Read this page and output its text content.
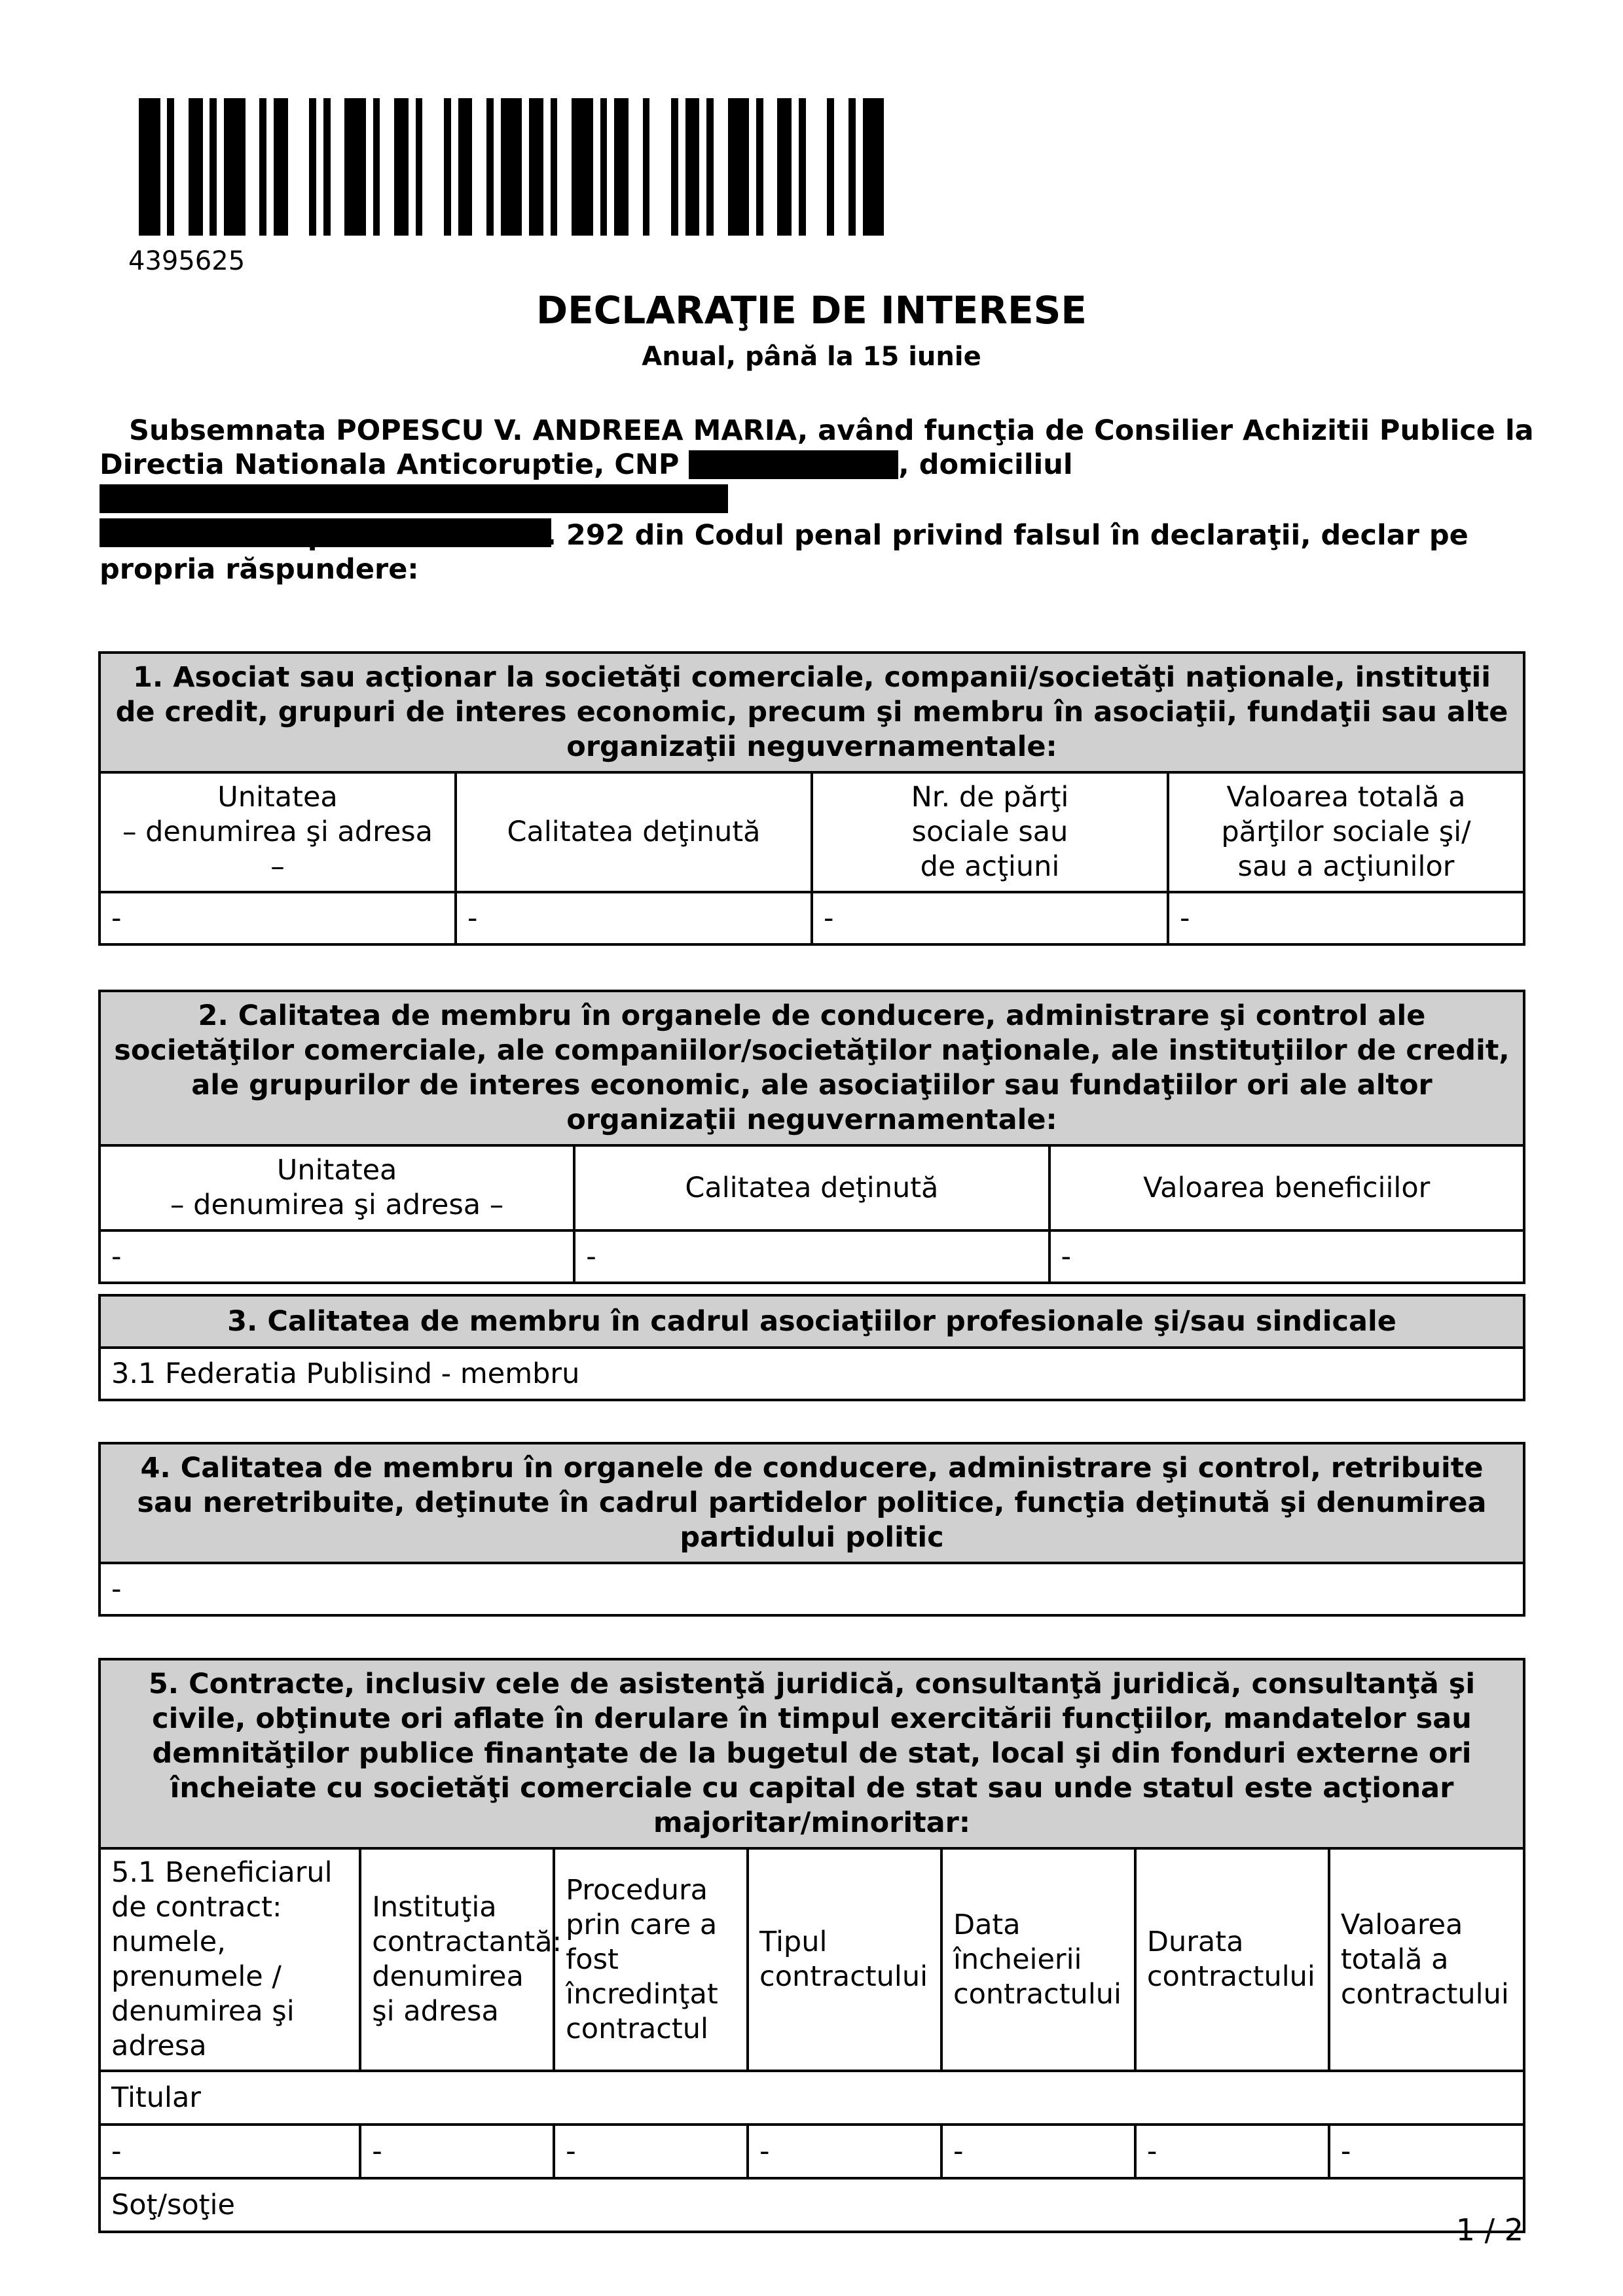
4395625
DECLARAŢIE DE INTERESE
Anual, până la 15 iunie
Subsemnata POPESCU V. ANDREEA MARIA, având funcţia de Consilier Achizitii Publice la Directia Nationala Anticoruptie, CNP	, domiciliul

cunoscând prevederile art. 292 din Codul penal privind falsul în declaraţii, declar pe propria răspundere:
1. Asociat sau acţionar la societăţi comerciale, companii/societăţi naţionale, instituţii de credit, grupuri de interes economic, precum şi membru în asociaţii, fundaţii sau alte organizaţii neguvernamentale:			
Unitatea
– denumirea şi adresa –	Calitatea deţinută	Nr. de părţi
sociale sau
de acţiuni	Valoarea totală a
părţilor sociale şi/
sau a acţiunilor
-	-	-	-
2. Calitatea de membru în organele de conducere, administrare şi control ale societăţilor comerciale, ale companiilor/societăţilor naţionale, ale instituţiilor de credit, ale grupurilor de interes economic, ale asociaţiilor sau fundaţiilor ori ale altor organizaţii neguvernamentale:		
Unitatea
– denumirea şi adresa –	Calitatea deţinută	Valoarea beneficiilor
-	-	-
3. Calitatea de membru în cadrul asociaţiilor profesionale şi/sau sindicale
3.1 Federatia Publisind - membru
4. Calitatea de membru în organele de conducere, administrare şi control, retribuite sau neretribuite, deţinute în cadrul partidelor politice, funcţia deţinută şi denumirea partidului politic
-
5. Contracte, inclusiv cele de asistenţă juridică, consultanţă juridică, consultanţă şi civile, obţinute ori aflate în derulare în timpul exercitării funcţiilor, mandatelor sau demnităţilor publice finanţate de la bugetul de stat, local şi din fonduri externe ori încheiate cu societăţi comerciale cu capital de stat sau unde statul este acţionar majoritar/minoritar:						
5.1 Beneficiarul de contract: numele, prenumele / denumirea şi adresa	Instituţia contractantă: denumirea şi adresa	Procedura prin care a fost încredinţat contractul	Tipul contractului	Data încheierii contractului	Durata contractului	Valoarea totală a contractului
Titular						
-	-	-	-	-	-	-
Soţ/soţie						
1 / 2
